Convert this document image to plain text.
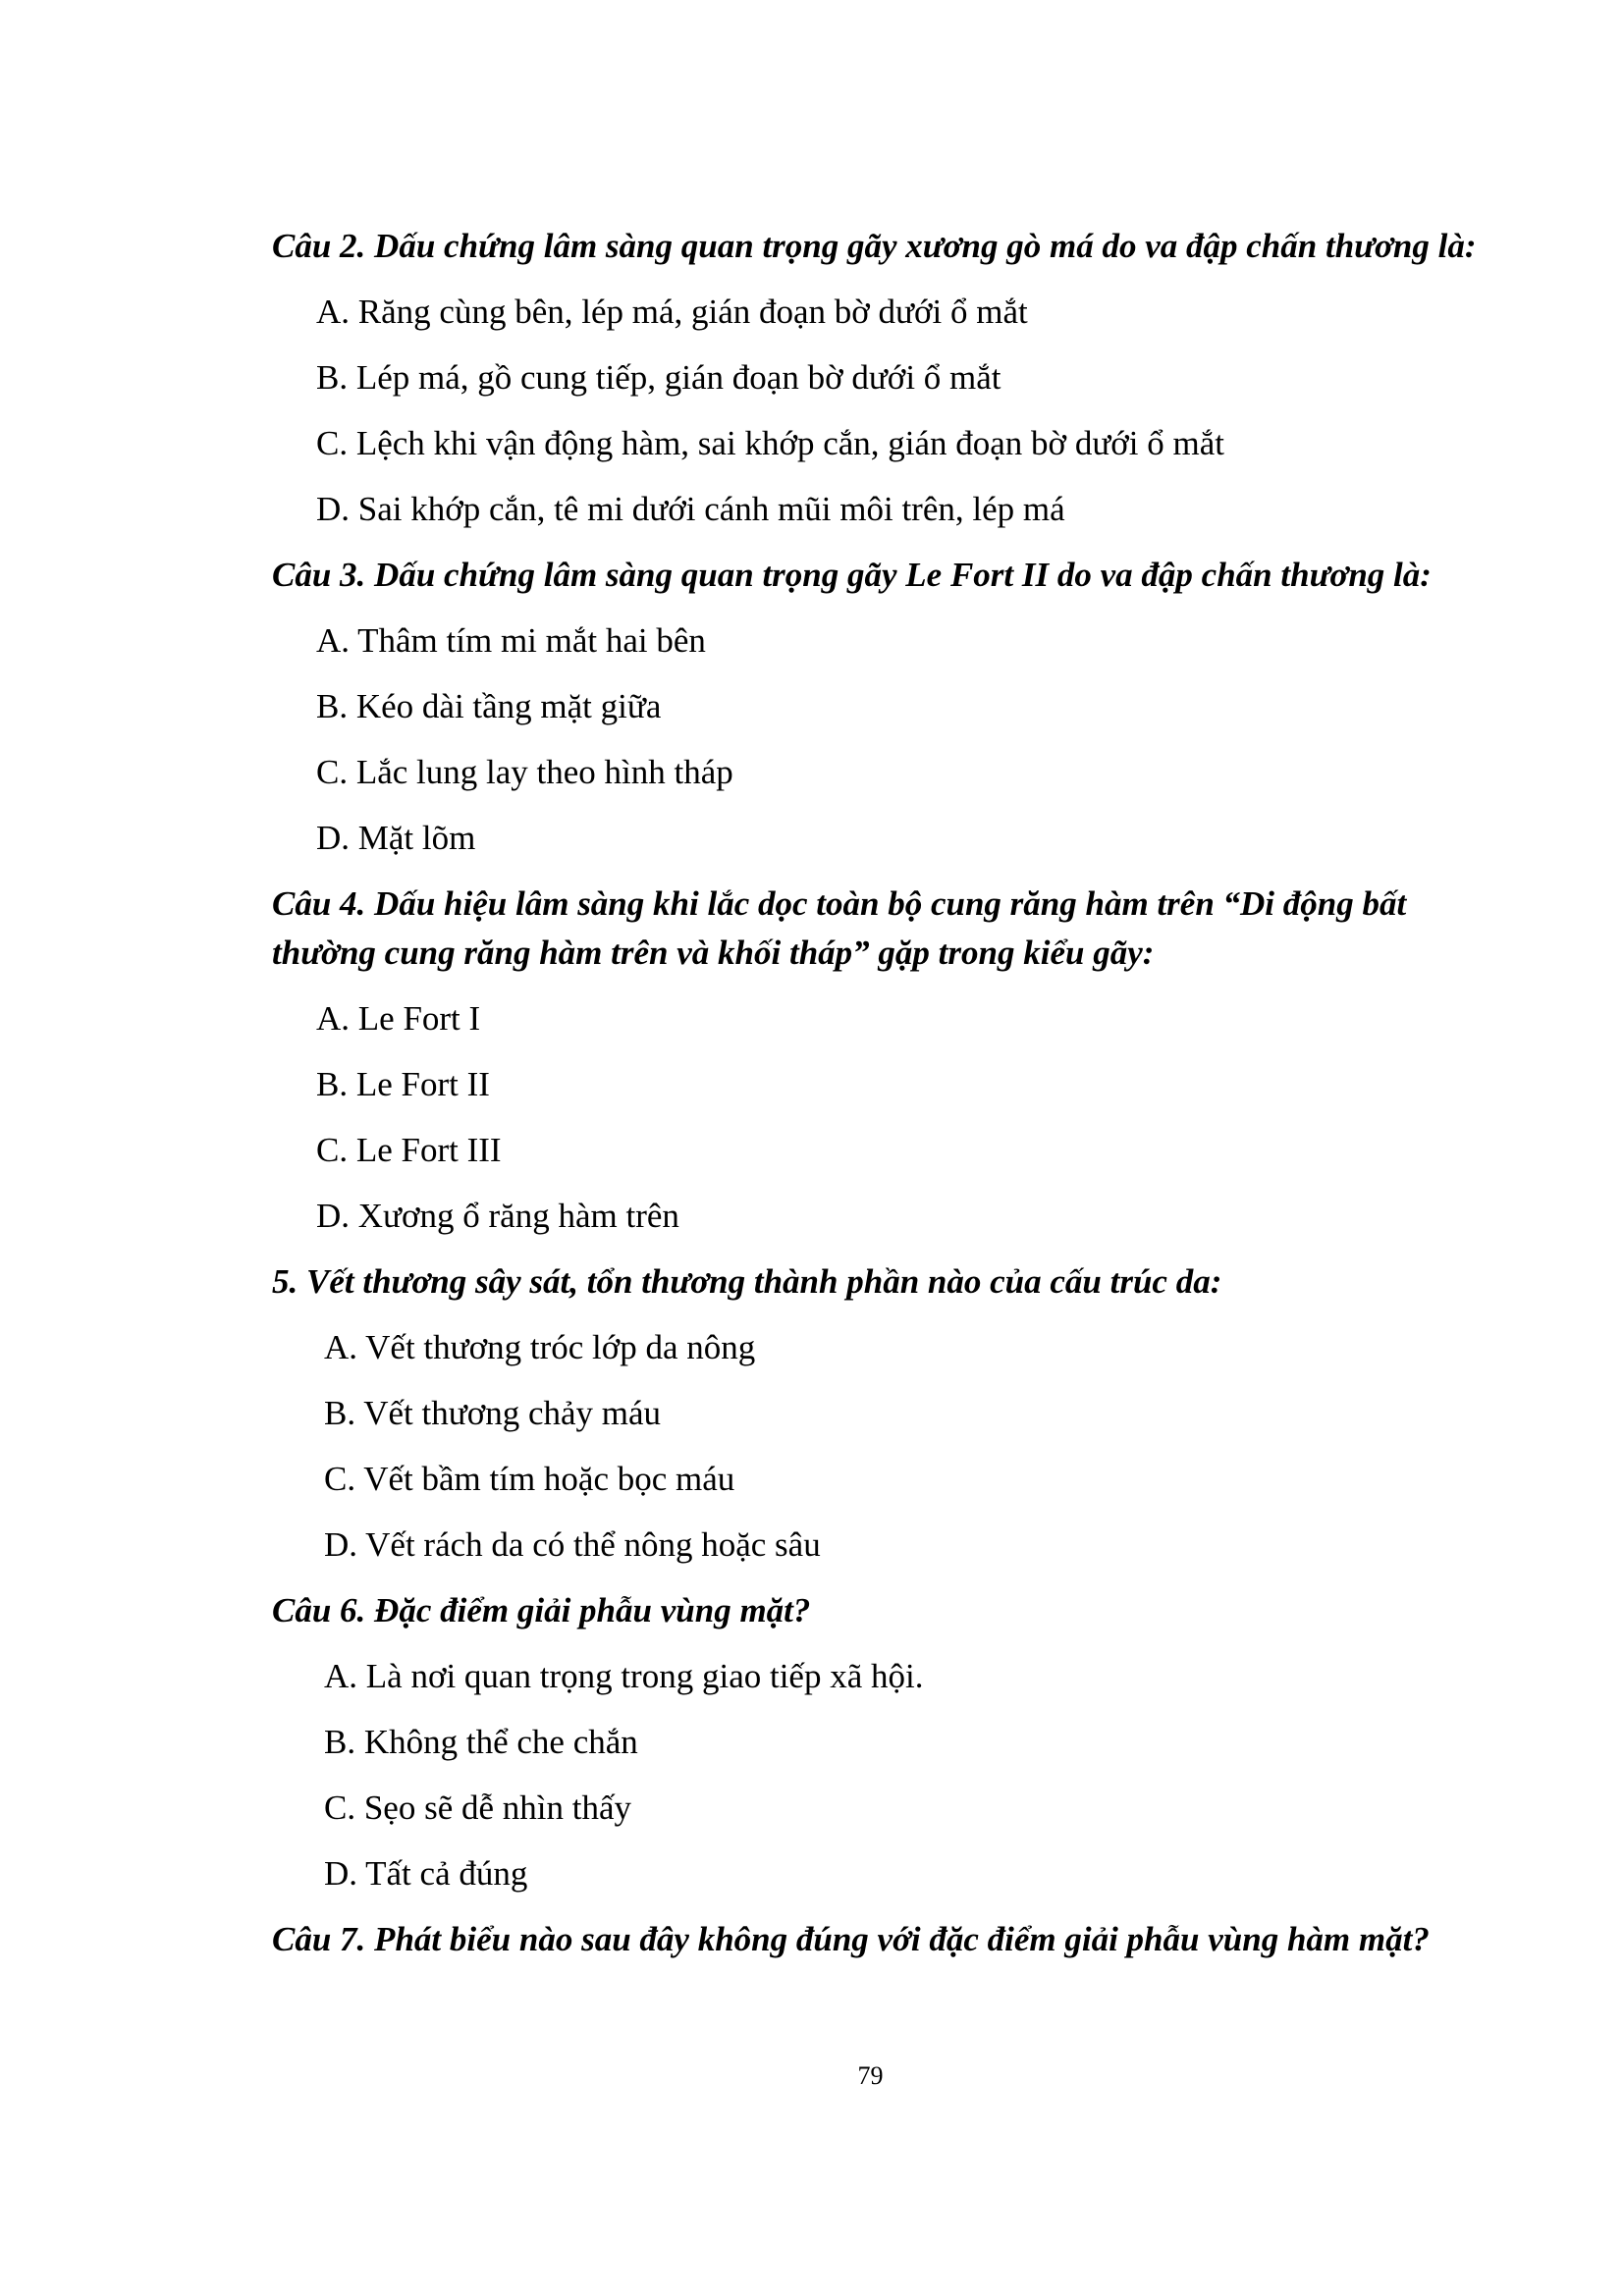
Câu 2. Dấu chứng lâm sàng quan trọng gãy xương gò má do va đập chấn thương là:

A. Răng cùng bên, lép má, gián đoạn bờ dưới ổ mắt
B. Lép má, gồ cung tiếp, gián đoạn bờ dưới ổ mắt
C. Lệch khi vận động hàm, sai khớp cắn, gián đoạn bờ dưới ổ mắt
D. Sai khớp cắn, tê mi dưới cánh mũi môi trên, lép má

Câu 3. Dấu chứng lâm sàng quan trọng gãy Le Fort II do va đập chấn thương là:

A. Thâm tím mi mắt hai bên
B. Kéo dài tầng mặt giữa
C. Lắc lung lay theo hình tháp
D. Mặt lõm

Câu 4. Dấu hiệu lâm sàng khi lắc dọc toàn bộ cung răng hàm trên “Di động bất thường cung răng hàm trên và khối tháp” gặp trong kiểu gãy:

A. Le Fort I
B. Le Fort II
C. Le Fort III
D. Xương ổ răng hàm trên

5. Vết thương sây sát, tổn thương thành phần nào của cấu trúc da:

A. Vết thương tróc lớp da nông
B. Vết thương chảy máu
C. Vết bầm tím hoặc bọc máu
D. Vết rách da có thể nông hoặc sâu

Câu 6. Đặc điểm giải phẫu vùng mặt?

A. Là nơi quan trọng trong giao tiếp xã hội.
B. Không thể che chắn
C. Sẹo sẽ dễ nhìn thấy
D. Tất cả đúng

Câu 7. Phát biểu nào sau đây không đúng với đặc điểm giải phẫu vùng hàm mặt?

79
